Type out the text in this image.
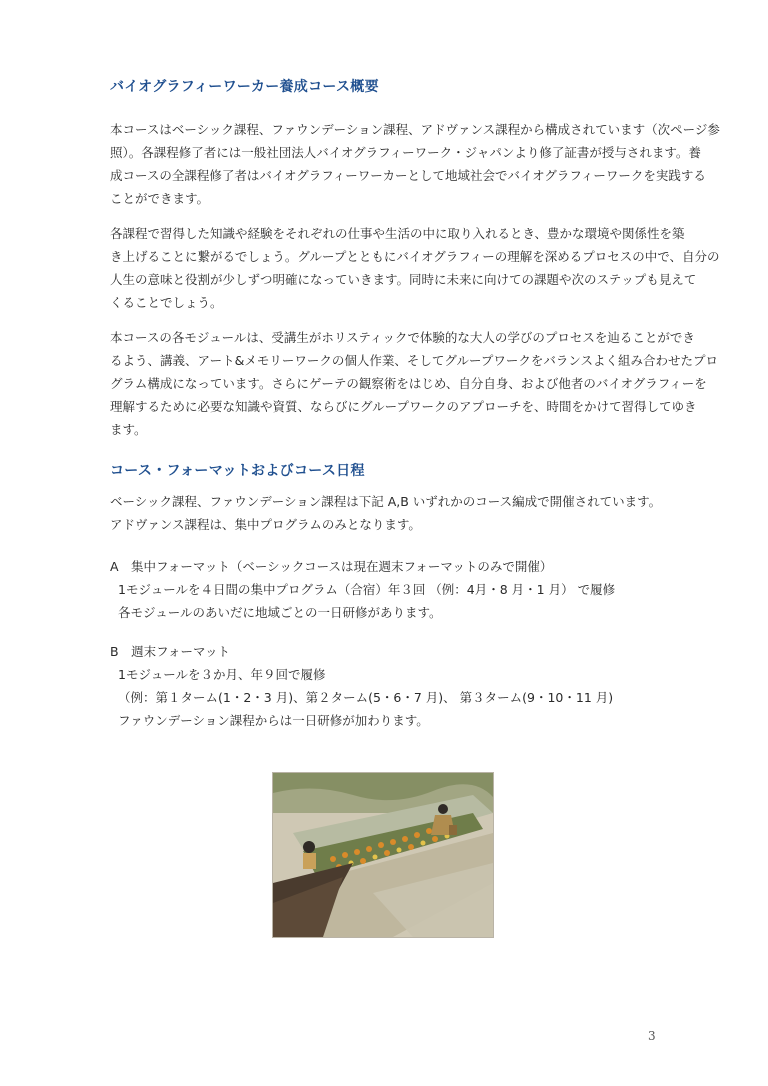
バイオグラフィーワーカー養成コース概要
本コースはベーシック課程、ファウンデーション課程、アドヴァンス課程から構成されています（次ページ参
照）。各課程修了者には一般社団法人バイオグラフィーワーク・ジャパンより修了証書が授与されます。養
成コースの全課程修了者はバイオグラフィーワーカーとして地域社会でバイオグラフィーワークを実践する
ことができます。
各課程で習得した知識や経験をそれぞれの仕事や生活の中に取り入れるとき、豊かな環境や関係性を築
き上げることに繋がるでしょう。グループとともにバイオグラフィーの理解を深めるプロセスの中で、自分の
人生の意味と役割が少しずつ明確になっていきます。同時に未来に向けての課題や次のステップも見えて
くることでしょう。
本コースの各モジュールは、受講生がホリスティックで体験的な大人の学びのプロセスを辿ることができ
るよう、講義、アート&メモリーワークの個人作業、そしてグループワークをバランスよく組み合わせたプロ
グラム構成になっています。さらにゲーテの観察術をはじめ、自分自身、および他者のバイオグラフィーを
理解するために必要な知識や資質、ならびにグループワークのアプローチを、時間をかけて習得してゆき
ます。
コース・フォーマットおよびコース日程
ベーシック課程、ファウンデーション課程は下記 A,B いずれかのコース編成で開催されています。
アドヴァンス課程は、集中プログラムのみとなります。
A　集中フォーマット（ベーシックコースは現在週末フォーマットのみで開催）
1モジュールを４日間の集中プログラム（合宿）年３回 （例：4月・8 月・1 月） で履修
各モジュールのあいだに地域ごとの一日研修があります。
B　週末フォーマット
1モジュールを３か月、年９回で履修
（例：第１ターム(1・2・3 月)、第２ターム(5・6・7 月)、 第３ターム(9・10・11 月)
ファウンデーション課程からは一日研修が加わります。
3
